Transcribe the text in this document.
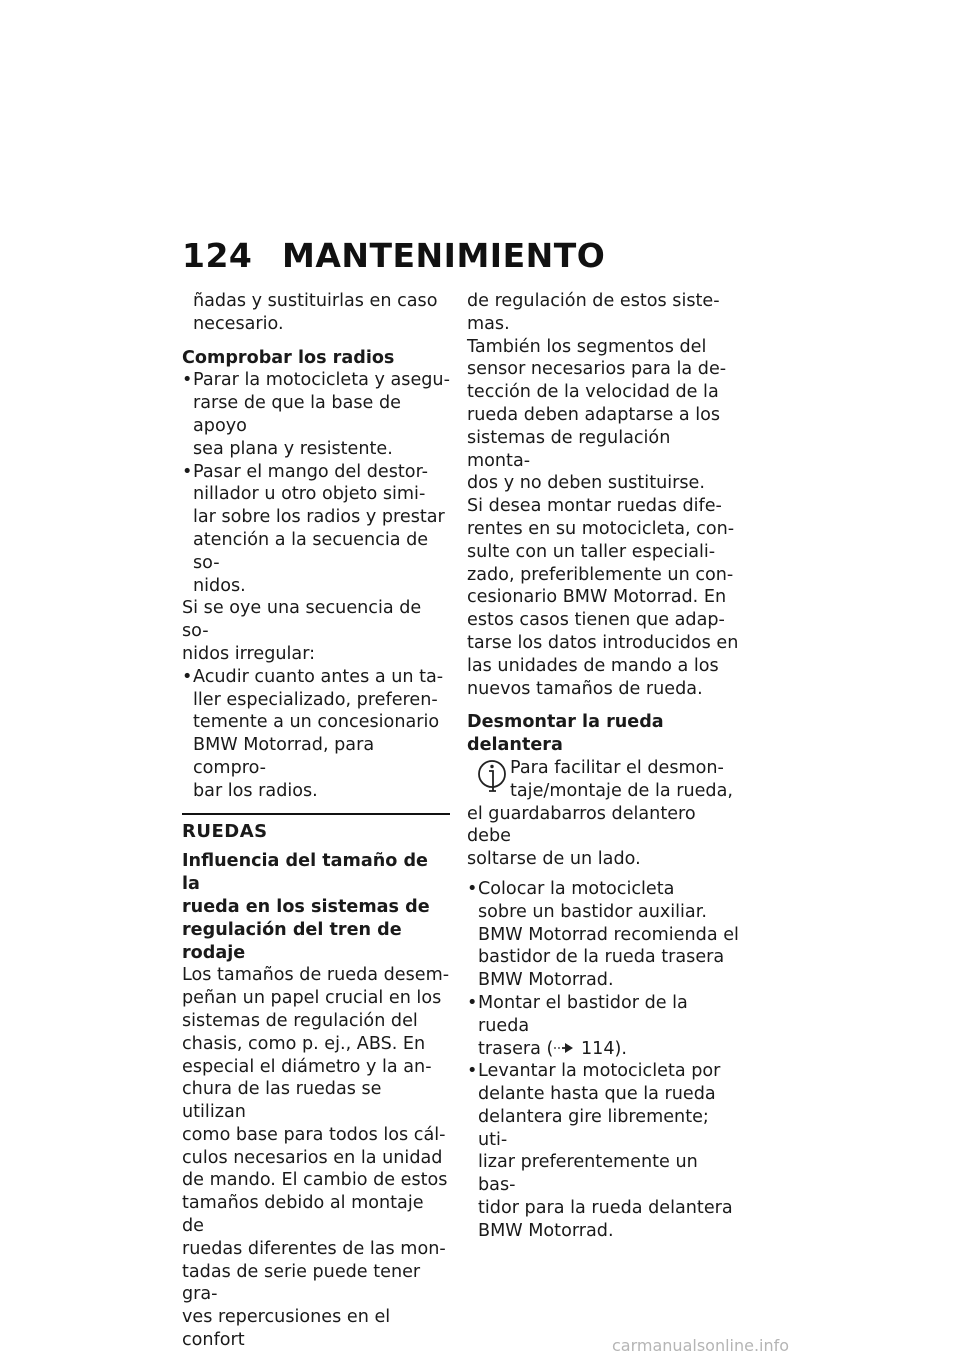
124 MANTENIMIENTO

ñadas y sustituirlas en caso
necesario.

Comprobar los radios

• Parar la motocicleta y asegu-
rarse de que la base de apoyo
sea plana y resistente.
• Pasar el mango del destor-
nillador u otro objeto simi-
lar sobre los radios y prestar
atención a la secuencia de so-
nidos.

Si se oye una secuencia de so-
nidos irregular:

• Acudir cuanto antes a un ta-
ller especializado, preferen-
temente a un concesionario
BMW Motorrad, para compro-
bar los radios.

RUEDAS

Influencia del tamaño de la
rueda en los sistemas de
regulación del tren de rodaje

Los tamaños de rueda desem-
peñan un papel crucial en los
sistemas de regulación del
chasis, como p. ej., ABS. En
especial el diámetro y la an-
chura de las ruedas se utilizan
como base para todos los cál-
culos necesarios en la unidad
de mando. El cambio de estos
tamaños debido al montaje de
ruedas diferentes de las mon-
tadas de serie puede tener gra-
ves repercusiones en el confort

de regulación de estos siste-
mas.
También los segmentos del
sensor necesarios para la de-
tección de la velocidad de la
rueda deben adaptarse a los
sistemas de regulación monta-
dos y no deben sustituirse.
Si desea montar ruedas dife-
rentes en su motocicleta, con-
sulte con un taller especiali-
zado, preferiblemente un con-
cesionario BMW Motorrad. En
estos casos tienen que adap-
tarse los datos introducidos en
las unidades de mando a los
nuevos tamaños de rueda.

Desmontar la rueda delantera

Para facilitar el desmon-
taje/montaje de la rueda,

el guardabarros delantero debe
soltarse de un lado.

• Colocar la motocicleta
sobre un bastidor auxiliar.
BMW Motorrad recomienda el
bastidor de la rueda trasera
BMW Motorrad.
• Montar el bastidor de la rueda
trasera ( 114).
• Levantar la motocicleta por
delante hasta que la rueda
delantera gire libremente; uti-
lizar preferentemente un bas-
tidor para la rueda delantera
BMW Motorrad.
carmanualsonline.info
